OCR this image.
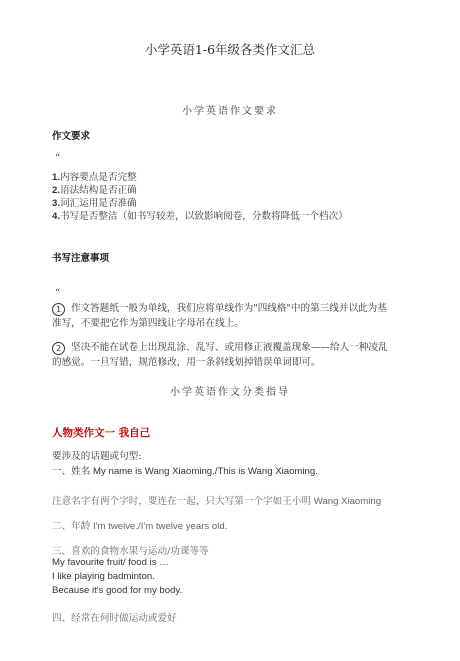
小学英语1-6年级各类作文汇总
小学英语作文要求
作文要求
“
1.内容要点是否完整
2.语法结构是否正确
3.词汇运用是否准确
4.书写是否整洁（如书写较差，以致影响阅卷，分数将降低一个档次）
书写注意事项
“
1 作文答题纸一般为单线，我们应将单线作为"四线格"中的第三线并以此为基
准写，不要把它作为第四线让字母吊在线上。
2 坚决不能在试卷上出现乱涂、乱写、或用修正液覆盖现象——给人一种凌乱
的感觉。一旦写错，规范修改，用一条斜线划掉错误单词即可。
小学英语作文分类指导
人物类作文一 我自己
要涉及的话题或句型:
一、姓名 My name is Wang Xiaoming./This is Wang Xiaoming.
注意名字有两个字时，要连在一起，只大写第一个字如王小明 Wang Xiaoming
二、年龄 I'm twelve./I'm twelve years old.
三、喜欢的食物水果与运动/功课等等
My favourite fruit/ food is …
I like playing badminton.
Because it's good for my body.
四、经常在何时做运动或爱好
